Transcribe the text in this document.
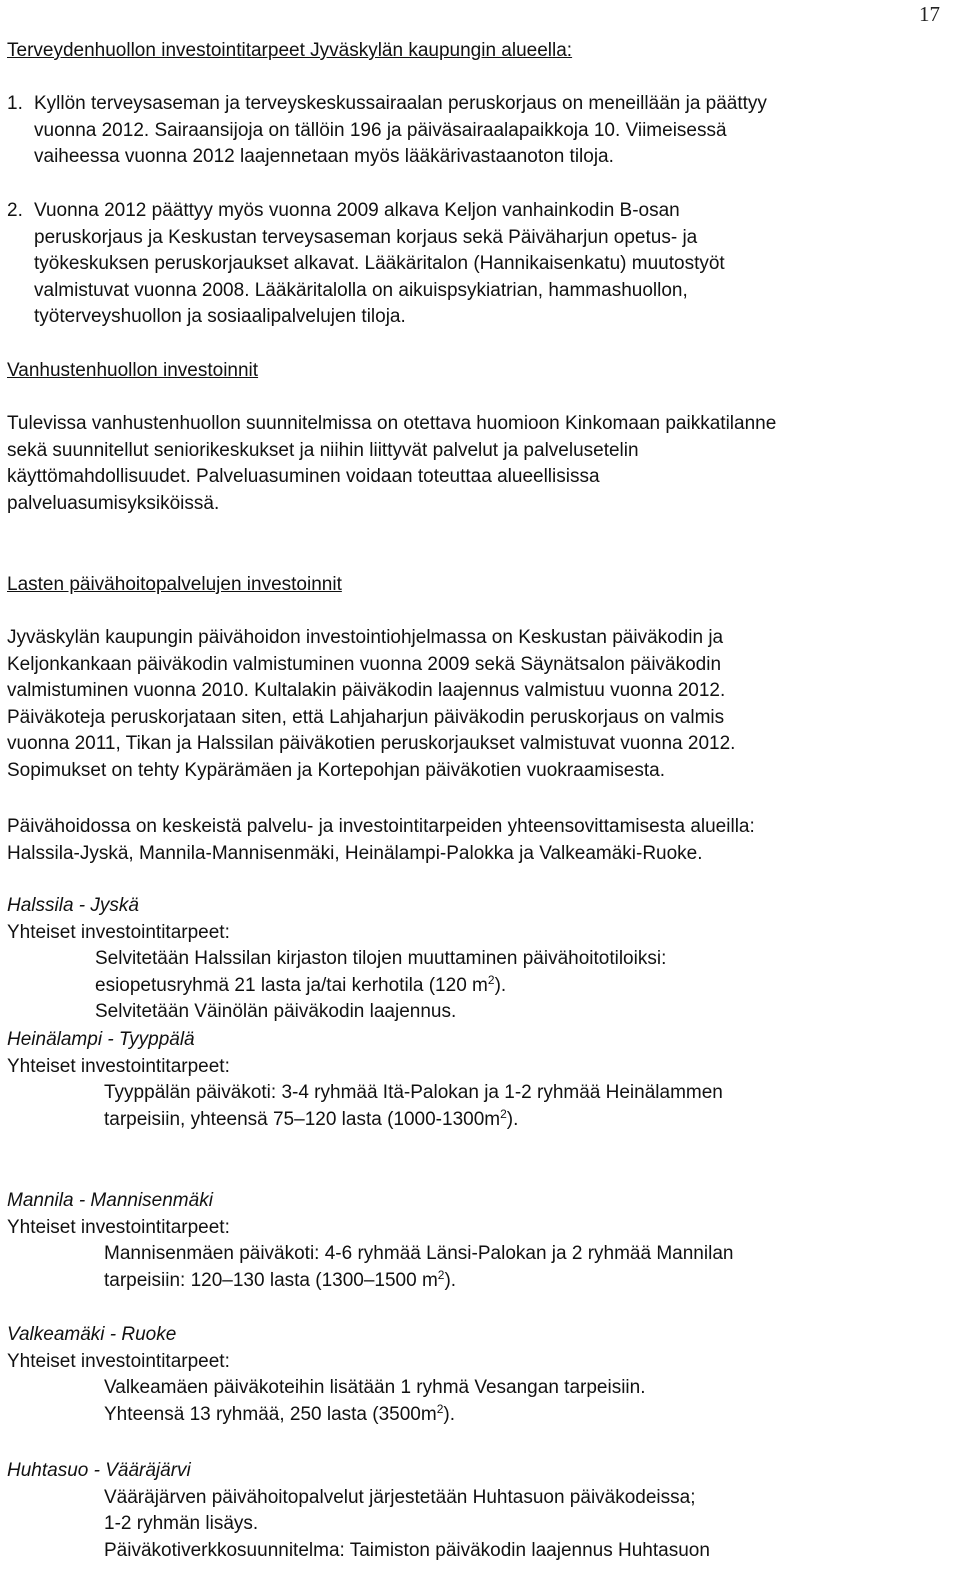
17
Terveydenhuollon investointitarpeet Jyväskylän kaupungin alueella:
1. Kyllön terveysaseman ja terveyskeskussairaalan peruskorjaus on meneillään ja päättyy

vuonna 2012. Sairaansijoja on tällöin 196 ja päiväsairaalapaikkoja 10. Viimeisessä

vaiheessa vuonna 2012 laajennetaan myös lääkärivastaanoton tiloja.

2. Vuonna 2012 päättyy myös vuonna 2009 alkava Keljon vanhainkodin B-osan

peruskorjaus ja Keskustan terveysaseman korjaus sekä Päiväharjun opetus- ja

työkeskuksen peruskorjaukset alkavat. Lääkäritalon (Hannikaisenkatu) muutostyöt

valmistuvat vuonna 2008. Lääkäritalolla on aikuispsykiatrian, hammashuollon,

työterveyshuollon ja sosiaalipalvelujen tiloja.

Vanhustenhuollon investoinnit

Tulevissa vanhustenhuollon suunnitelmissa on otettava huomioon Kinkomaan paikkatilanne

sekä suunnitellut seniorikeskukset ja niihin liittyvät palvelut ja palvelusetelin

käyttömahdollisuudet. Palveluasuminen voidaan toteuttaa alueellisissa

palveluasumisyksiköissä.

Lasten päivähoitopalvelujen investoinnit

Jyväskylän kaupungin päivähoidon investointiohjelmassa on Keskustan päiväkodin ja

Keljonkankaan päiväkodin valmistuminen vuonna 2009 sekä Säynätsalon päiväkodin

valmistuminen vuonna 2010. Kultalakin päiväkodin laajennus valmistuu vuonna 2012.

Päiväkoteja peruskorjataan siten, että Lahjaharjun päiväkodin peruskorjaus on valmis

vuonna 2011, Tikan ja Halssilan päiväkotien peruskorjaukset valmistuvat vuonna 2012.

Sopimukset on tehty Kypärämäen ja Kortepohjan päiväkotien vuokraamisesta.

Päivähoidossa on keskeistä palvelu- ja investointitarpeiden yhteensovittamisesta alueilla:

Halssila-Jyskä, Mannila-Mannisenmäki, Heinälampi-Palokka ja Valkeamäki-Ruoke.

Halssila - Jyskä

Yhteiset investointitarpeet:

Selvitetään Halssilan kirjaston tilojen muuttaminen päivähoitotiloiksi:

esiopetusryhmä 21 lasta ja/tai kerhotila (120 $m^2$).

Selvitetään Väinölän päiväkodin laajennus.

Heinälampi - Tyyppälä

Yhteiset investointitarpeet:

Tyyppälän päiväkoti: 3-4 ryhmää Itä-Palokan ja 1-2 ryhmää Heinälammen

tarpeisiin, yhteensä 75–120 lasta $(1000-1300m^2)$.

Mannila - Mannisenmäki

Yhteiset investointitarpeet:

Mannisenmäen päiväkoti: 4-6 ryhmää Länsi-Palokan ja 2 ryhmää Mannilan

tarpeisiin: 120–130 lasta (1300–1500 $m^2$).

Valkeamäki - Ruoke

Yhteiset investointitarpeet:

Valkeamäen päiväkoteihin lisätään 1 ryhmä Vesangan tarpeisiin.

Yhteensä 13 ryhmää, 250 lasta $(3500m^2)$.

Huhtasuo - Vääräjärvi

Vääräjärven päivähoitopalvelut järjestetään Huhtasuon päiväkodeissa;

1-2 ryhmän lisäys.

Päiväkotiverkkosuunnitelma: Taimiston päiväkodin laajennus Huhtasuon
